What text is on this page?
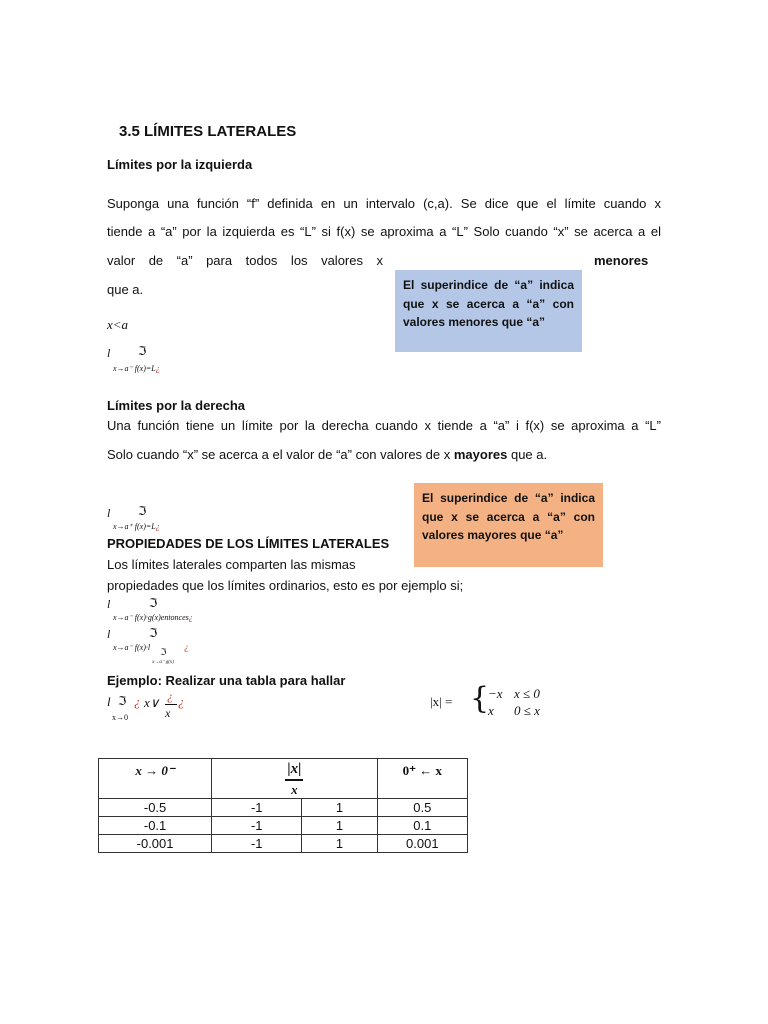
3.5 LÍMITES LATERALES
Límites por la izquierda
Suponga una función “f” definida en un intervalo (c,a). Se dice que el límite cuando x
tiende a “a” por la izquierda es “L” si f(x) se aproxima a “L” Solo cuando “x” se acerca a el
valor de “a” para todos los valores x	menores
que a.	El superindice de “a” indica que x se acerca a “a” con valores menores que “a”
x<a
l ℑ
x→a⁻ f(x)=L¿
Límites por la derecha
Una función tiene un límite por la derecha cuando x tiende a “a” i f(x) se aproxima a “L”
Solo cuando “x” se acerca a el valor de “a” con valores de x mayores que a.
El superindice de “a” indica que x se acerca a “a” con valores mayores que “a”
l ℑ
x→a⁺ f(x)=L¿
PROPIEDADES DE LOS LÍMITES LATERALES
Los límites laterales comparten las mismas
propiedades que los límites ordinarios, esto es por ejemplo si;
l	ℑ
x→a⁻ f(x)·g(x)entonces¿
l	ℑ
x→a⁻ f(x)·l
ℑ
x→a⁻ g(x)
¿
Ejemplo: Realizar una tabla para hallar
l ℑ ¿ x∨ ¿ ¿
x
x→0
|x| = {
−x x ≤ 0
x 0 ≤ x
x → 0⁻	|x|
x		0⁺ ← x
-0.5	-1	1	0.5
-0.1	-1	1	0.1
-0.001	-1	1	0.001
